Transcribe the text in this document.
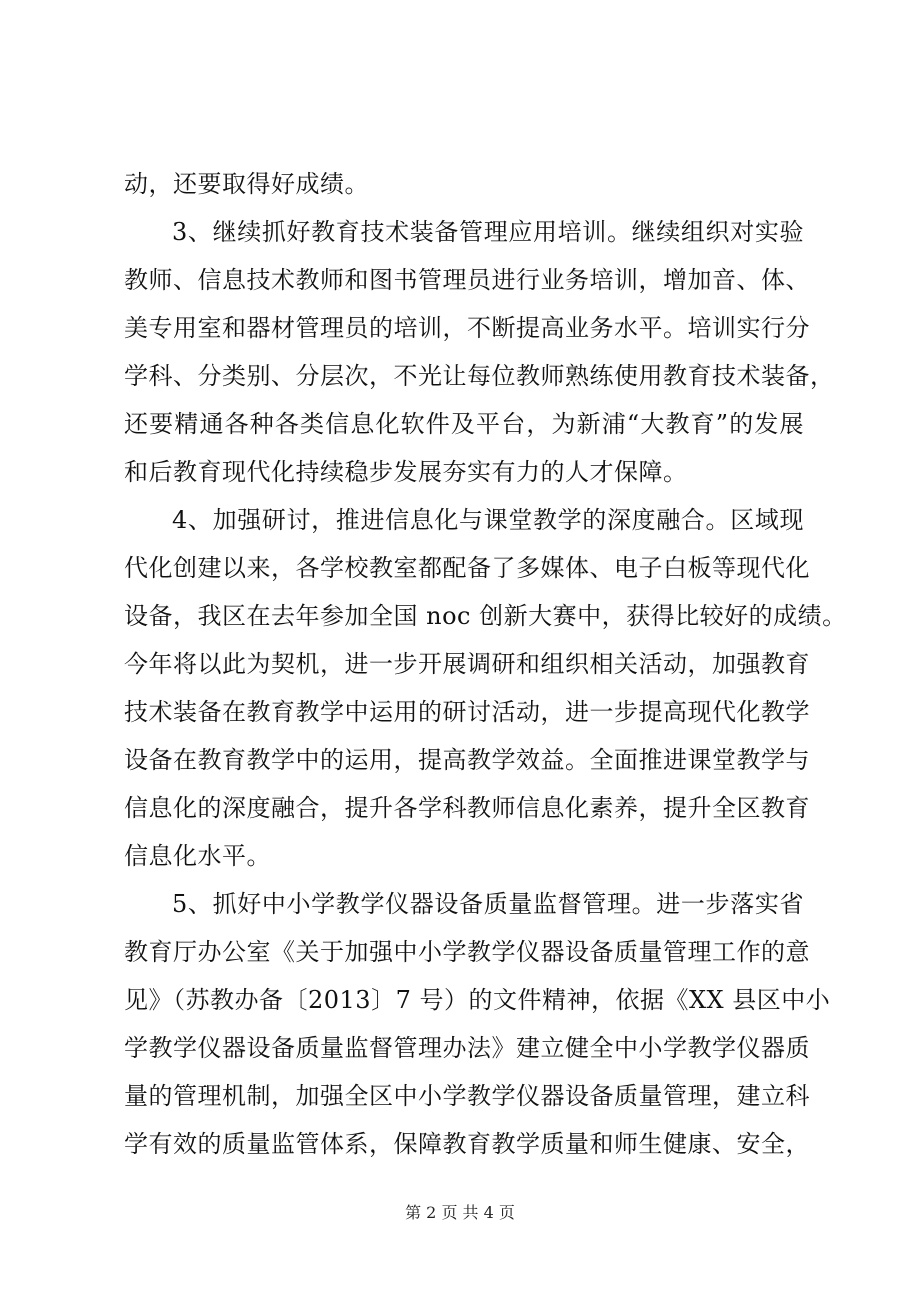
动，还要取得好成绩。
3、继续抓好教育技术装备管理应用培训。继续组织对实验
教师、信息技术教师和图书管理员进行业务培训，增加音、体、
美专用室和器材管理员的培训，不断提高业务水平。培训实行分
学科、分类别、分层次，不光让每位教师熟练使用教育技术装备，
还要精通各种各类信息化软件及平台，为新浦“大教育”的发展
和后教育现代化持续稳步发展夯实有力的人才保障。
4、加强研讨，推进信息化与课堂教学的深度融合。区域现
代化创建以来，各学校教室都配备了多媒体、电子白板等现代化
设备，我区在去年参加全国 noc 创新大赛中，获得比较好的成绩。
今年将以此为契机，进一步开展调研和组织相关活动，加强教育
技术装备在教育教学中运用的研讨活动，进一步提高现代化教学
设备在教育教学中的运用，提高教学效益。全面推进课堂教学与
信息化的深度融合，提升各学科教师信息化素养，提升全区教育
信息化水平。
5、抓好中小学教学仪器设备质量监督管理。进一步落实省
教育厅办公室《关于加强中小学教学仪器设备质量管理工作的意
见》（苏教办备〔2013〕7 号）的文件精神，依据《XX 县区中小
学教学仪器设备质量监督管理办法》建立健全中小学教学仪器质
量的管理机制，加强全区中小学教学仪器设备质量管理，建立科
学有效的质量监管体系，保障教育教学质量和师生健康、安全，
第 2 页 共 4 页
